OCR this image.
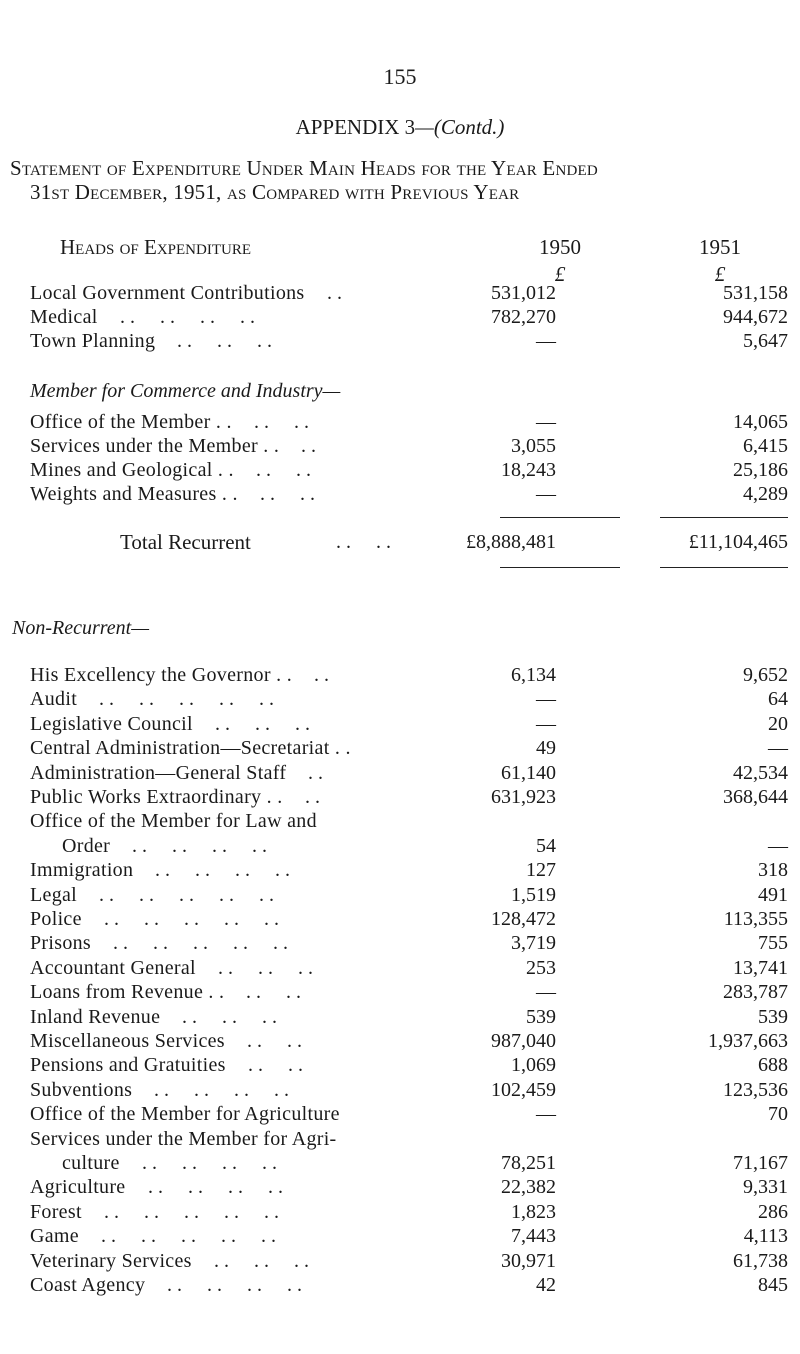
155
APPENDIX 3—(Contd.)
Statement of Expenditure Under Main Heads for the Year Ended
31st December, 1951, as Compared with Previous Year
Heads of Expenditure	1950	1951
£	£
Local Government Contributions . .	531,012	531,158
Medical . .     . .     . .     . .	782,270	944,672
Town Planning . .     . .     . .	—	5,647
Member for Commerce and Industry—
Office of the Member . . . .     . .	—	14,065
Services under the Member . . . .	3,055	6,415
Mines and Geological . . . .     . .	18,243	25,186
Weights and Measures . . . .     . .	—	4,289
Total Recurrent	. .     . .	£8,888,481	£11,104,465
Non-Recurrent—
His Excellency the Governor . . . .	6,134	9,652
Audit . .     . .     . .     . .     . .	—	64
Legislative Council . .     . .     . .	—	20
Central Administration—Secretariat . .	49	—
Administration—General Staff . .	61,140	42,534
Public Works Extraordinary . . . .	631,923	368,644
Office of the Member for Law and
Order . .     . .     . .     . .	54	—
Immigration . .     . .     . .     . .	127	318
Legal . .     . .     . .     . .     . .	1,519	491
Police . .     . .     . .     . .     . .	128,472	113,355
Prisons . .     . .     . .     . .     . .	3,719	755
Accountant General . .     . .     . .	253	13,741
Loans from Revenue . . . .     . .	—	283,787
Inland Revenue . .     . .     . .	539	539
Miscellaneous Services . .     . .	987,040	1,937,663
Pensions and Gratuities . .     . .	1,069	688
Subventions . .     . .     . .     . .	102,459	123,536
Office of the Member for Agriculture	—	70
Services under the Member for Agri-
culture . .     . .     . .     . .	78,251	71,167
Agriculture . .     . .     . .     . .	22,382	9,331
Forest . .     . .     . .     . .     . .	1,823	286
Game . .     . .     . .     . .     . .	7,443	4,113
Veterinary Services . .     . .     . .	30,971	61,738
Coast Agency . .     . .     . .     . .	42	845
